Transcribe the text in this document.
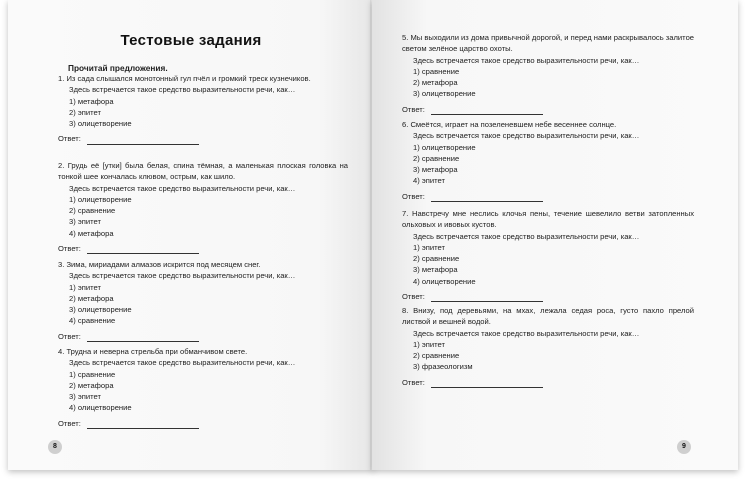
Тестовые задания
Прочитай предложения.
1. Из сада слышался монотонный гул пчёл и громкий треск кузнечиков.
Здесь встречается такое средство выразительности речи, как…
1) метафора
2) эпитет
3) олицетворение
Ответ:
2. Грудь её [утки] была белая, спина тёмная, а маленькая плоская головка на тонкой шее кончалась клювом, острым, как шило.
Здесь встречается такое средство выразительности речи, как…
1) олицетворение
2) сравнение
3) эпитет
4) метафора
Ответ:
3. Зима, мириадами алмазов искрится под месяцем снег.
Здесь встречается такое средство выразительности речи, как…
1) эпитет
2) метафора
3) олицетворение
4) сравнение
Ответ:
4. Трудна и неверна стрельба при обманчивом свете.
Здесь встречается такое средство выразительности речи, как…
1) сравнение
2) метафора
3) эпитет
4) олицетворение
Ответ:
8
5. Мы выходили из дома привычной дорогой, и перед нами раскрывалось залитое светом зелёное царство охоты.
Здесь встречается такое средство выразительности речи, как…
1) сравнение
2) метафора
3) олицетворение
Ответ:
6. Смеётся, играет на позеленевшем небе весеннее солнце.
Здесь встречается такое средство выразительности речи, как…
1) олицетворение
2) сравнение
3) метафора
4) эпитет
Ответ:
7. Навстречу мне неслись клочья пены, течение шевелило ветви затопленных ольховых и ивовых кустов.
Здесь встречается такое средство выразительности речи, как…
1) эпитет
2) сравнение
3) метафора
4) олицетворение
Ответ:
8. Внизу, под деревьями, на мхах, лежала седая роса, густо пахло прелой листвой и вешней водой.
Здесь встречается такое средство выразительности речи, как…
1) эпитет
2) сравнение
3) фразеологизм
Ответ:
9
